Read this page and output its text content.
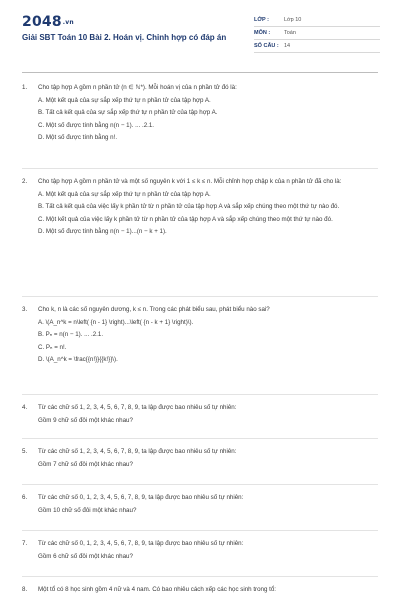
2048.vn
Giải SBT Toán 10 Bài 2. Hoán vị. Chỉnh hợp có đáp án
LỚP :	Lớp 10
MÔN :	Toán
SỐ CÂU : 14
1. Cho tập hợp A gồm n phần tử (n ∈ ℕ*). Mỗi hoán vị của n phần tử đó là:
A. Một kết quả của sự sắp xếp thứ tự n phần tử của tập hợp A.
B. Tất cả kết quả của sự sắp xếp thứ tự n phần tử của tập hợp A.
C. Một số được tính bằng n(n − 1). ... .2.1.
D. Một số được tính bằng n!.
2. Cho tập hợp A gồm n phần tử và một số nguyên k với 1 ≤ k ≤ n. Mỗi chỉnh hợp chập k của n phần tử đã cho là:
A. Một kết quả của sự sắp xếp thứ tự n phần tử của tập hợp A.
B. Tất cả kết quả của việc lấy k phần tử từ n phần tử của tập hợp A và sắp xếp chúng theo một thứ tự nào đó.
C. Một kết quả của việc lấy k phần tử từ n phần tử của tập hợp A và sắp xếp chúng theo một thứ tự nào đó.
D. Một số được tính bằng n(n − 1)...(n − k + 1).
3. Cho k, n là các số nguyên dương, k ≤ n. Trong các phát biểu sau, phát biểu nào sai?
A. \(A_n^k = n\left( {n - 1} \right)...\left( {n - k + 1} \right)\).
B. Pₙ = n(n − 1). ... .2.1.
C. Pₙ = n!.
D. \(A_n^k = \frac{{n!}}{{k!}}\).
4. Từ các chữ số 1, 2, 3, 4, 5, 6, 7, 8, 9, ta lập được bao nhiêu số tự nhiên:
Gồm 9 chữ số đôi một khác nhau?
5. Từ các chữ số 1, 2, 3, 4, 5, 6, 7, 8, 9, ta lập được bao nhiêu số tự nhiên:
Gồm 7 chữ số đôi một khác nhau?
6. Từ các chữ số 0, 1, 2, 3, 4, 5, 6, 7, 8, 9, ta lập được bao nhiêu số tự nhiên:
Gồm 10 chữ số đôi một khác nhau?
7. Từ các chữ số 0, 1, 2, 3, 4, 5, 6, 7, 8, 9, ta lập được bao nhiêu số tự nhiên:
Gồm 6 chữ số đôi một khác nhau?
8. Một tổ có 8 học sinh gồm 4 nữ và 4 nam. Có bao nhiêu cách xếp các học sinh trong tổ:
